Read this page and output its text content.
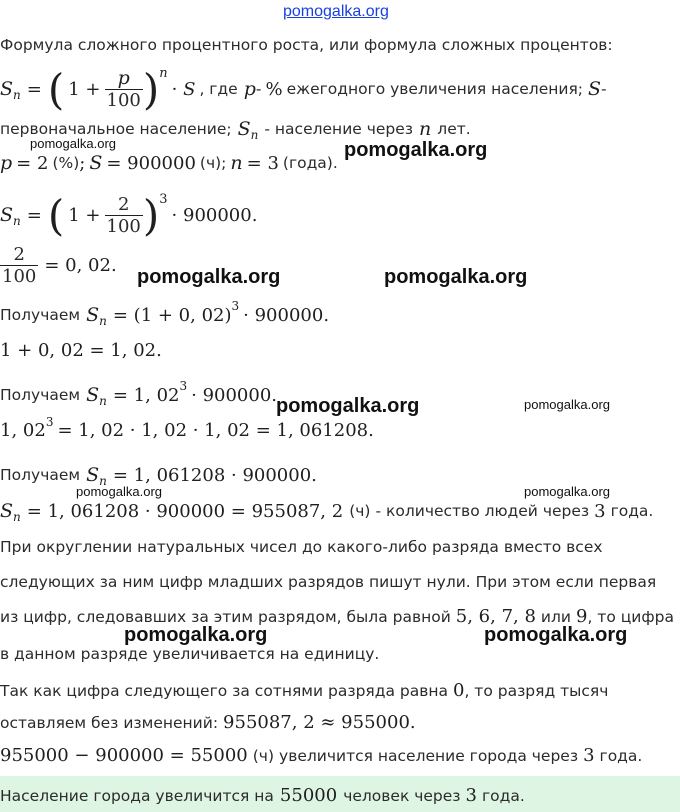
pomogalka.org
Формула сложного процентного роста, или формула сложных процентов:
$S_n$ = ( $1 + \frac{p}{100}$ ) n
· S , где p - % ежегодного увеличения населения; S -
первоначальное население; $S_n$ - население через n лет.
p = 2 (%) ; S = 900000 (ч); n = 3 (года).
$S_n$ = ( $1 + \frac{2}{100}$ ) 3
· 900000.
$\frac{2}{100} = 0$, 02.
Получаем $S_n = (1 + 0$, 02) 3 · 900000.
1 + 0, 02 = 1, 02.
Получаем $S_n = 1$, 02 3 · 900000.
1, 02 3 = 1, 02 · 1, 02 · 1, 02 = 1, 061208.
Получаем $S_n = 1$, 061208 · 900000.
$S_n = 1$, 061208 · 900000 = 955087, 2 (ч) - количество людей через 3 года.
При округлении натуральных чисел до какого-либо разряда вместо всех
следующих за ним цифр младших разрядов пишут нули. При этом если первая
из цифр, следовавших за этим разрядом, была равной 5, 6, 7, 8 или 9 , то цифра
в данном разряде увеличивается на единицу.
Так как цифра следующего за сотнями разряда равна 0 , то разряд тысяч
оставляем без изменений: 955087, 2 ≈ 955000.
955000 − 900000 = 55000 (ч) увеличится население города через 3 года.
Население города увеличится на 55000 человек через 3 года.
pomogalka.org	pomogalka.org
pomogalka.org	pomogalka.org
pomogalka.org	pomogalka.org
pomogalka.org	pomogalka.org
pomogalka.org	pomogalka.org
